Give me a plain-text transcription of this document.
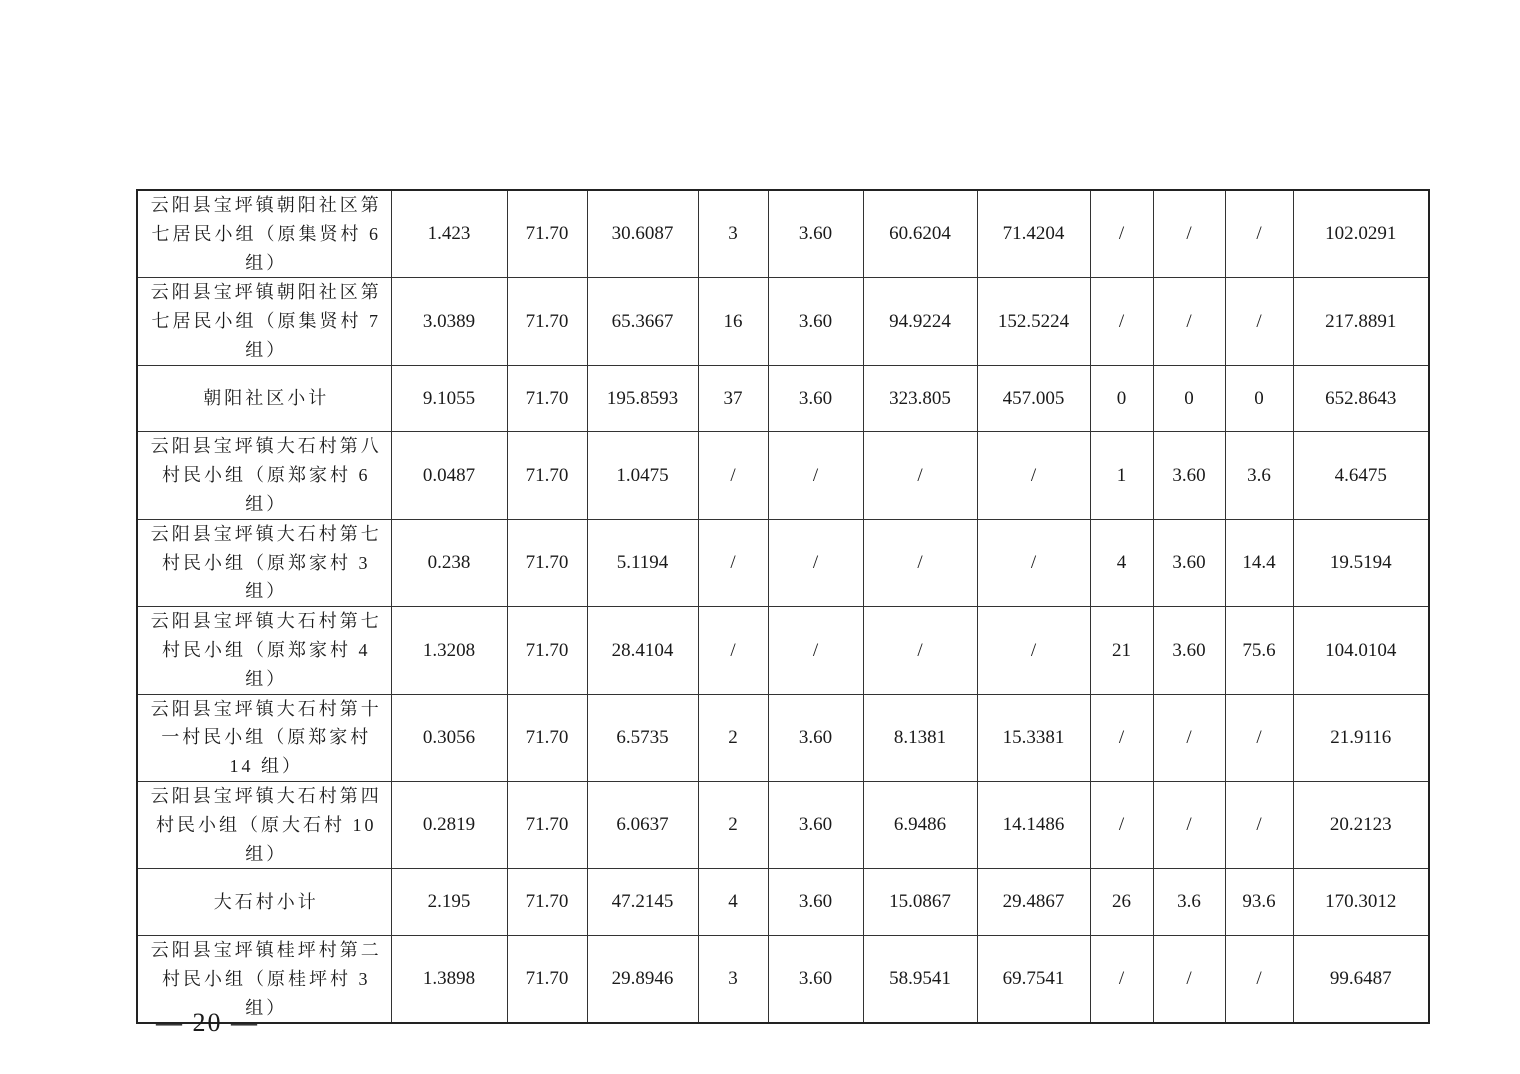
云阳县宝坪镇朝阳社区第七居民小组（原集贤村 6 组）	1.423	71.70	30.6087	3	3.60	60.6204	71.4204	/	/	/	102.0291
云阳县宝坪镇朝阳社区第七居民小组（原集贤村 7 组）	3.0389	71.70	65.3667	16	3.60	94.9224	152.5224	/	/	/	217.8891
朝阳社区小计	9.1055	71.70	195.8593	37	3.60	323.805	457.005	0	0	0	652.8643
云阳县宝坪镇大石村第八村民小组（原郑家村 6 组）	0.0487	71.70	1.0475	/	/	/	/	1	3.60	3.6	4.6475
云阳县宝坪镇大石村第七村民小组（原郑家村 3 组）	0.238	71.70	5.1194	/	/	/	/	4	3.60	14.4	19.5194
云阳县宝坪镇大石村第七村民小组（原郑家村 4 组）	1.3208	71.70	28.4104	/	/	/	/	21	3.60	75.6	104.0104
云阳县宝坪镇大石村第十一村民小组（原郑家村 14 组）	0.3056	71.70	6.5735	2	3.60	8.1381	15.3381	/	/	/	21.9116
云阳县宝坪镇大石村第四村民小组（原大石村 10 组）	0.2819	71.70	6.0637	2	3.60	6.9486	14.1486	/	/	/	20.2123
大石村小计	2.195	71.70	47.2145	4	3.60	15.0867	29.4867	26	3.6	93.6	170.3012
云阳县宝坪镇桂坪村第二村民小组（原桂坪村 3 组）	1.3898	71.70	29.8946	3	3.60	58.9541	69.7541	/	/	/	99.6487
— 20 —
